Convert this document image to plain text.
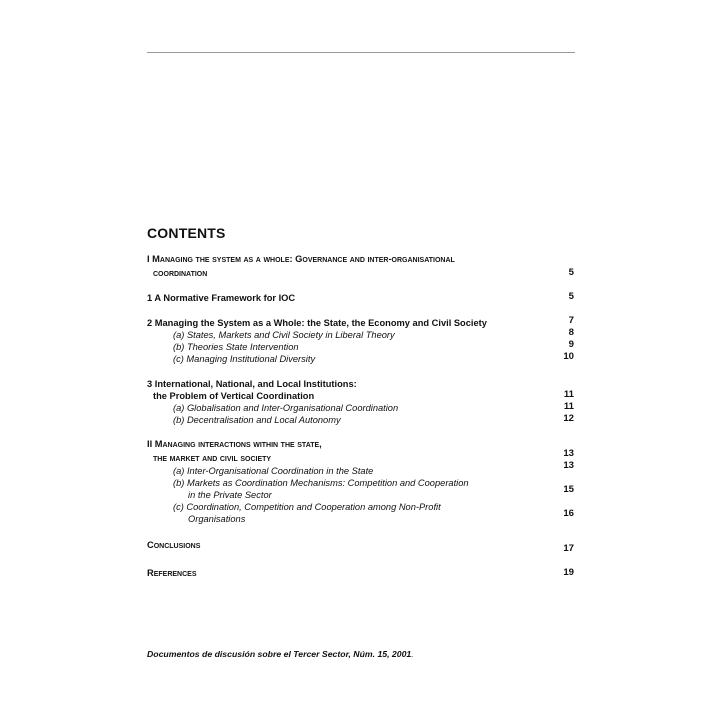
CONTENTS
I Managing the system as a whole: Governance and inter-organisational
coordination	5
1 A Normative Framework for IOC	5
2 Managing the System as a Whole: the State, the Economy and Civil Society	7
(a) States, Markets and Civil Society in Liberal Theory	8
(b) Theories State Intervention	9
(c) Managing Institutional Diversity	10
3 International, National, and Local Institutions:
the Problem of Vertical Coordination	11
(a) Globalisation and Inter-Organisational Coordination	11
(b) Decentralisation and Local Autonomy	12
II Managing interactions within the state,
the market and civil society	13
(a) Inter-Organisational Coordination in the State	13
(b) Markets as Coordination Mechanisms: Competition and Cooperation
in the Private Sector	15
(c) Coordination, Competition and Cooperation among Non-Profit
Organisations	16
Conclusions	17
References	19
Documentos de discusión sobre el Tercer Sector, Núm. 15, 2001.
